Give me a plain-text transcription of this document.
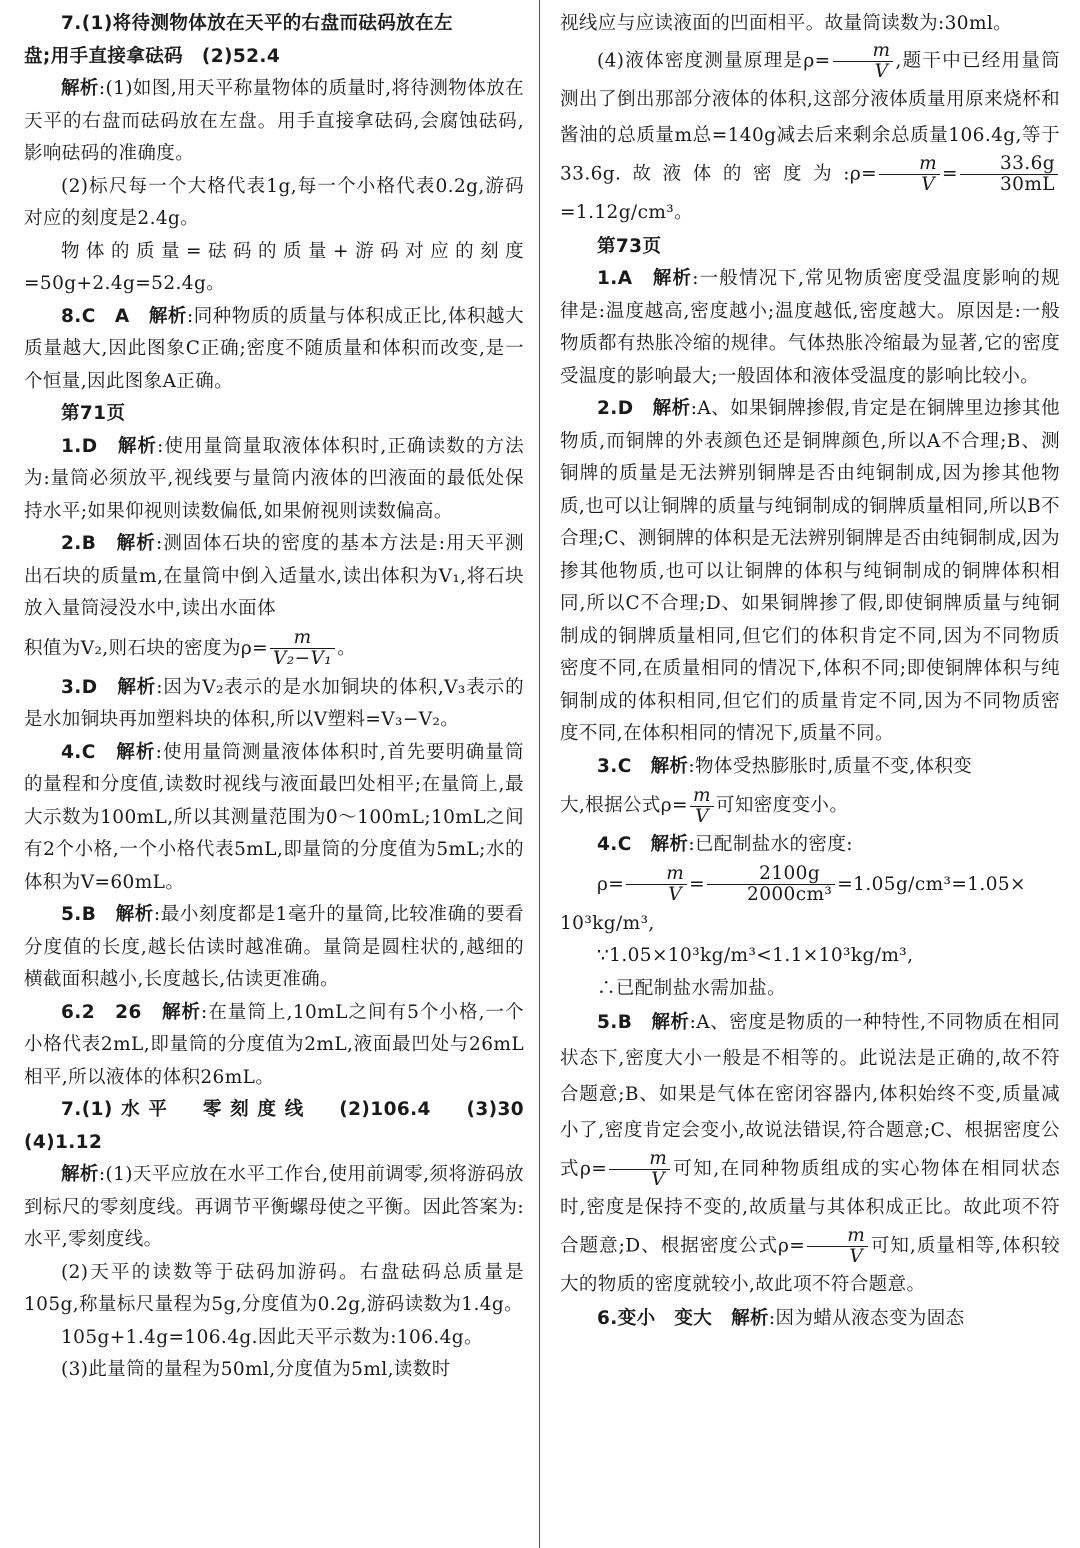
7.(1)将待测物体放在天平的右盘而砝码放在左

盘;用手直接拿砝码　(2)52.4

解析:(1)如图,用天平称量物体的质量时,将待测物体放在天平的右盘而砝码放在左盘。用手直接拿砝码,会腐蚀砝码,影响砝码的准确度。

(2)标尺每一个大格代表1g,每一个小格代表0.2g,游码对应的刻度是2.4g。

物体的质量=砝码的质量+游码对应的刻度=50g+2.4g=52.4g。

8.C　A　解析:同种物质的质量与体积成正比,体积越大质量越大,因此图象C正确;密度不随质量和体积而改变,是一个恒量,因此图象A正确。

第71页

1.D　解析:使用量筒量取液体体积时,正确读数的方法为:量筒必须放平,视线要与量筒内液体的凹液面的最低处保持水平;如果仰视则读数偏低,如果俯视则读数偏高。

2.B　解析:测固体石块的密度的基本方法是:用天平测出石块的质量m,在量筒中倒入适量水,读出体积为V₁,将石块放入量筒浸没水中,读出水面体

积值为V₂,则石块的密度为$\rho= \frac{m}{\text{V₂−V₁}}$ 。

3.D　解析:因为V₂表示的是水加铜块的体积,V₃表示的是水加铜块再加塑料块的体积,所以V塑料=V₃−V₂。

4.C　解析:使用量筒测量液体体积时,首先要明确量筒的量程和分度值,读数时视线与液面最凹处相平;在量筒上,最大示数为100mL,所以其测量范围为0～100mL;10mL之间有2个小格,一个小格代表5mL,即量筒的分度值为5mL;水的体积为V=60mL。

5.B　解析:最小刻度都是1毫升的量筒,比较准确的要看分度值的长度,越长估读时越准确。量筒是圆柱状的,越细的横截面积越小,长度越长,估读更准确。

6.2　26　解析:在量筒上,10mL之间有5个小格,一个小格代表2mL,即量筒的分度值为2mL,液面最凹处与26mL相平,所以液体的体积26mL。

7.(1)水平　零刻度线　(2)106.4　(3)30　(4)1.12

解析:(1)天平应放在水平工作台,使用前调零,须将游码放到标尺的零刻度线。再调节平衡螺母使之平衡。因此答案为:水平,零刻度线。

(2)天平的读数等于砝码加游码。右盘砝码总质量是105g,称量标尺量程为5g,分度值为0.2g,游码读数为1.4g。

105g+1.4g=106.4g.因此天平示数为:106.4g。

(3)此量筒的量程为50ml,分度值为5ml,读数时

视线应与应读液面的凹面相平。故量筒读数为:30ml。

(4)液体密度测量原理是$\rho= \frac{m}{V}$ ,题干中已经用量筒测出了倒出那部分液体的体积,这部分液体质量用原来烧杯和酱油的总质量m总=140g减去后来剩余总质量106.4g,等于33.6g.故液体的密度为:ρ= $\frac{m}{V} = \frac{33.6g}{30mL}$
=1.12g/cm³。

第73页

1.A　解析:一般情况下,常见物质密度受温度影响的规律是:温度越高,密度越小;温度越低,密度越大。原因是:一般物质都有热胀冷缩的规律。气体热胀冷缩最为显著,它的密度受温度的影响最大;一般固体和液体受温度的影响比较小。

2.D　解析:A、如果铜牌掺假,肯定是在铜牌里边掺其他物质,而铜牌的外表颜色还是铜牌颜色,所以A不合理;B、测铜牌的质量是无法辨别铜牌是否由纯铜制成,因为掺其他物质,也可以让铜牌的质量与纯铜制成的铜牌质量相同,所以B不合理;C、测铜牌的体积是无法辨别铜牌是否由纯铜制成,因为掺其他物质,也可以让铜牌的体积与纯铜制成的铜牌体积相同,所以C不合理;D、如果铜牌掺了假,即使铜牌质量与纯铜制成的铜牌质量相同,但它们的体积肯定不同,因为不同物质密度不同,在质量相同的情况下,体积不同;即使铜牌体积与纯铜制成的体积相同,但它们的质量肯定不同,因为不同物质密度不同,在体积相同的情况下,质量不同。

3.C　解析:物体受热膨胀时,质量不变,体积变

大,根据公式$\rho= \frac{m}{V}$ 可知密度变小。

4.C　解析:已配制盐水的密度:

$\rho= \frac{m}{V} = \frac{2100g}{\text{2000cm³}} =1.05g/cm^3=1.05\times$

10³kg/m³,

∵1.05×10³kg/m³<1.1×10³kg/m³,

∴已配制盐水需加盐。

5.B　解析:A、密度是物质的一种特性,不同物质在相同状态下,密度大小一般是不相等的。此说法是正确的,故不符合题意;B、如果是气体在密闭容器内,体积始终不变,质量减小了,密度肯定会变小,故说法错误,符合题意;C、根据密度公式$\rho= \frac{m}{V}$ 可知,在同种物质组成的实心物体在相同状态时,密度是保持不变的,故质量与其体积成正比。故此项不符合题意;D、根据密度公式$\rho= \frac{m}{V}$ 可知,质量相等,体积较大的物质的密度就较小,故此项不符合题意。

6.变小　变大　解析:因为蜡从液态变为固态
